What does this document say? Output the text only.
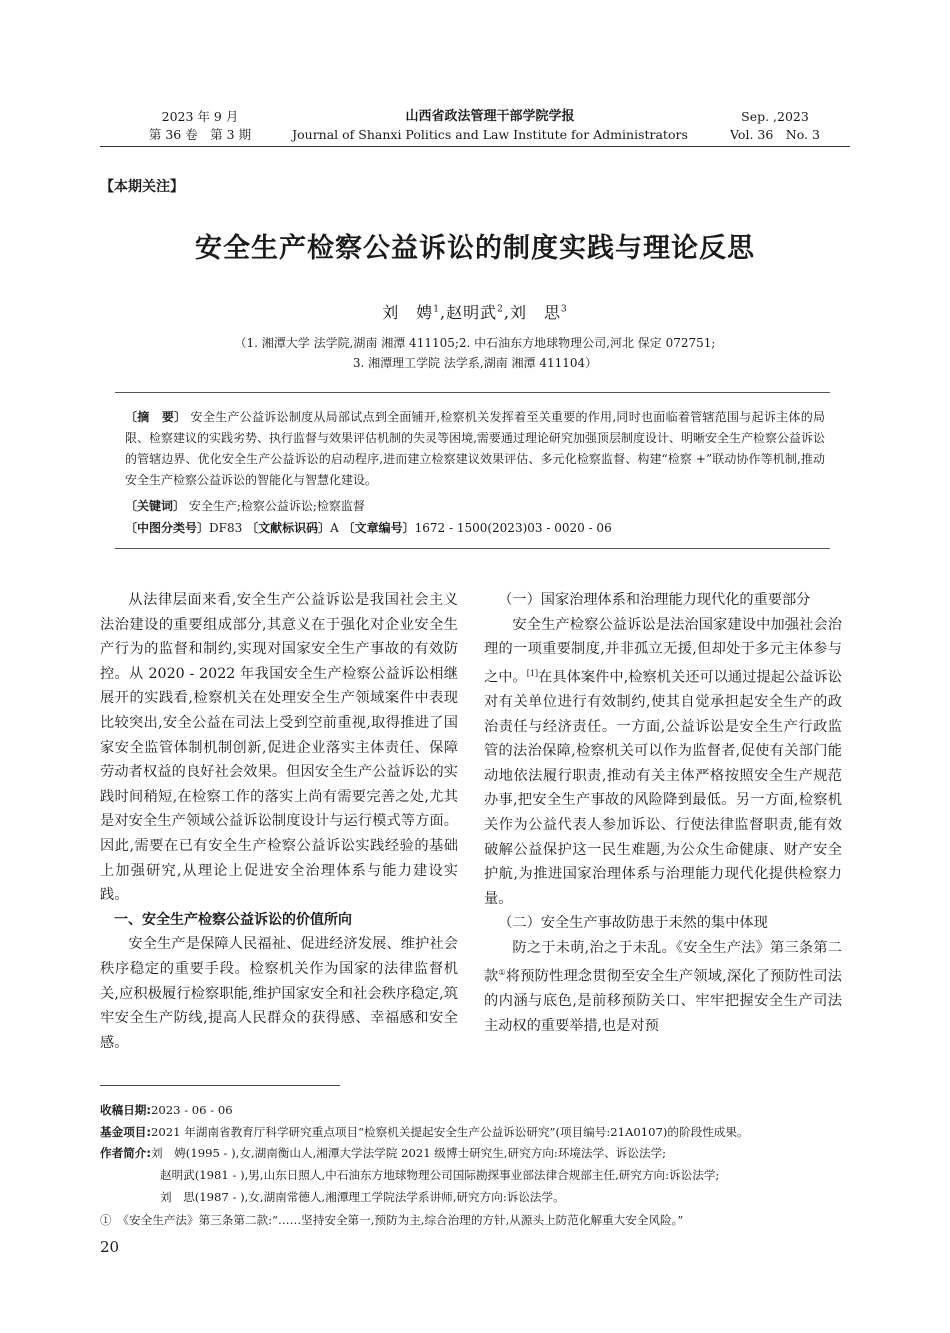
2023 年 9 月
第 36 卷　第 3 期
山西省政法管理干部学院学报
Journal of Shanxi Politics and Law Institute for Administrators
Sep. ,2023
Vol. 36　No. 3
【本期关注】
安全生产检察公益诉讼的制度实践与理论反思
刘　娉$^1$,赵明武$^2$,刘　思$^3$
（1. 湘潭大学 法学院,湖南 湘潭 411105;2. 中石油东方地球物理公司,河北 保定 072751;
3. 湘潭理工学院 法学系,湖南 湘潭 411104）
〔摘　要〕 安全生产公益诉讼制度从局部试点到全面铺开,检察机关发挥着至关重要的作用,同时也面临着管辖范围与起诉主体的局限、检察建议的实践劣势、执行监督与效果评估机制的失灵等困境,需要通过理论研究加强顶层制度设计、明晰安全生产检察公益诉讼的管辖边界、优化安全生产公益诉讼的启动程序,进而建立检察建议效果评估、多元化检察监督、构建“检察 +”联动协作等机制,推动安全生产检察公益诉讼的智能化与智慧化建设。
〔关键词〕 安全生产;检察公益诉讼;检察监督
〔中图分类号〕DF83 〔文献标识码〕A 〔文章编号〕1672 - 1500(2023)03 - 0020 - 06

从法律层面来看,安全生产公益诉讼是我国社会主义法治建设的重要组成部分,其意义在于强化对企业安全生产行为的监督和制约,实现对国家安全生产事故的有效防控。从 2020 - 2022 年我国安全生产检察公益诉讼相继展开的实践看,检察机关在处理安全生产领域案件中表现比较突出,安全公益在司法上受到空前重视,取得推进了国家安全监管体制机制创新,促进企业落实主体责任、保障劳动者权益的良好社会效果。但因安全生产公益诉讼的实践时间稍短,在检察工作的落实上尚有需要完善之处,尤其是对安全生产领域公益诉讼制度设计与运行模式等方面。因此,需要在已有安全生产检察公益诉讼实践经验的基础上加强研究,从理论上促进安全治理体系与能力建设实践。

一、安全生产检察公益诉讼的价值所向

安全生产是保障人民福祉、促进经济发展、维护社会秩序稳定的重要手段。检察机关作为国家的法律监督机关,应积极履行检察职能,维护国家安全和社会秩序稳定,筑牢安全生产防线,提高人民群众的获得感、幸福感和安全感。

（一）国家治理体系和治理能力现代化的重要部分

安全生产检察公益诉讼是法治国家建设中加强社会治理的一项重要制度,并非孤立无援,但却处于多元主体参与之中。[1]在具体案件中,检察机关还可以通过提起公益诉讼对有关单位进行有效制约,使其自觉承担起安全生产的政治责任与经济责任。一方面,公益诉讼是安全生产行政监管的法治保障,检察机关可以作为监督者,促使有关部门能动地依法履行职责,推动有关主体严格按照安全生产规范办事,把安全生产事故的风险降到最低。另一方面,检察机关作为公益代表人参加诉讼、行使法律监督职责,能有效破解公益保护这一民生难题,为公众生命健康、财产安全护航,为推进国家治理体系与治理能力现代化提供检察力量。

（二）安全生产事故防患于未然的集中体现

防之于未萌,治之于未乱。《安全生产法》第三条第二款①将预防性理念贯彻至安全生产领域,深化了预防性司法的内涵与底色,是前移预防关口、牢牢把握安全生产司法主动权的重要举措,也是对预

收稿日期:2023 - 06 - 06
基金项目:2021 年湖南省教育厅科学研究重点项目“检察机关提起安全生产公益诉讼研究”(项目编号:21A0107)的阶段性成果。
作者简介:刘　娉(1995 - ),女,湖南衡山人,湘潭大学法学院 2021 级博士研究生,研究方向:环境法学、诉讼法学;
赵明武(1981 - ),男,山东日照人,中石油东方地球物理公司国际勘探事业部法律合规部主任,研究方向:诉讼法学;
刘　思(1987 - ),女,湖南常德人,湘潭理工学院法学系讲师,研究方向:诉讼法学。
①　 《安全生产法》第三条第二款:“……坚持安全第一,预防为主,综合治理的方针,从源头上防范化解重大安全风险。”
20
